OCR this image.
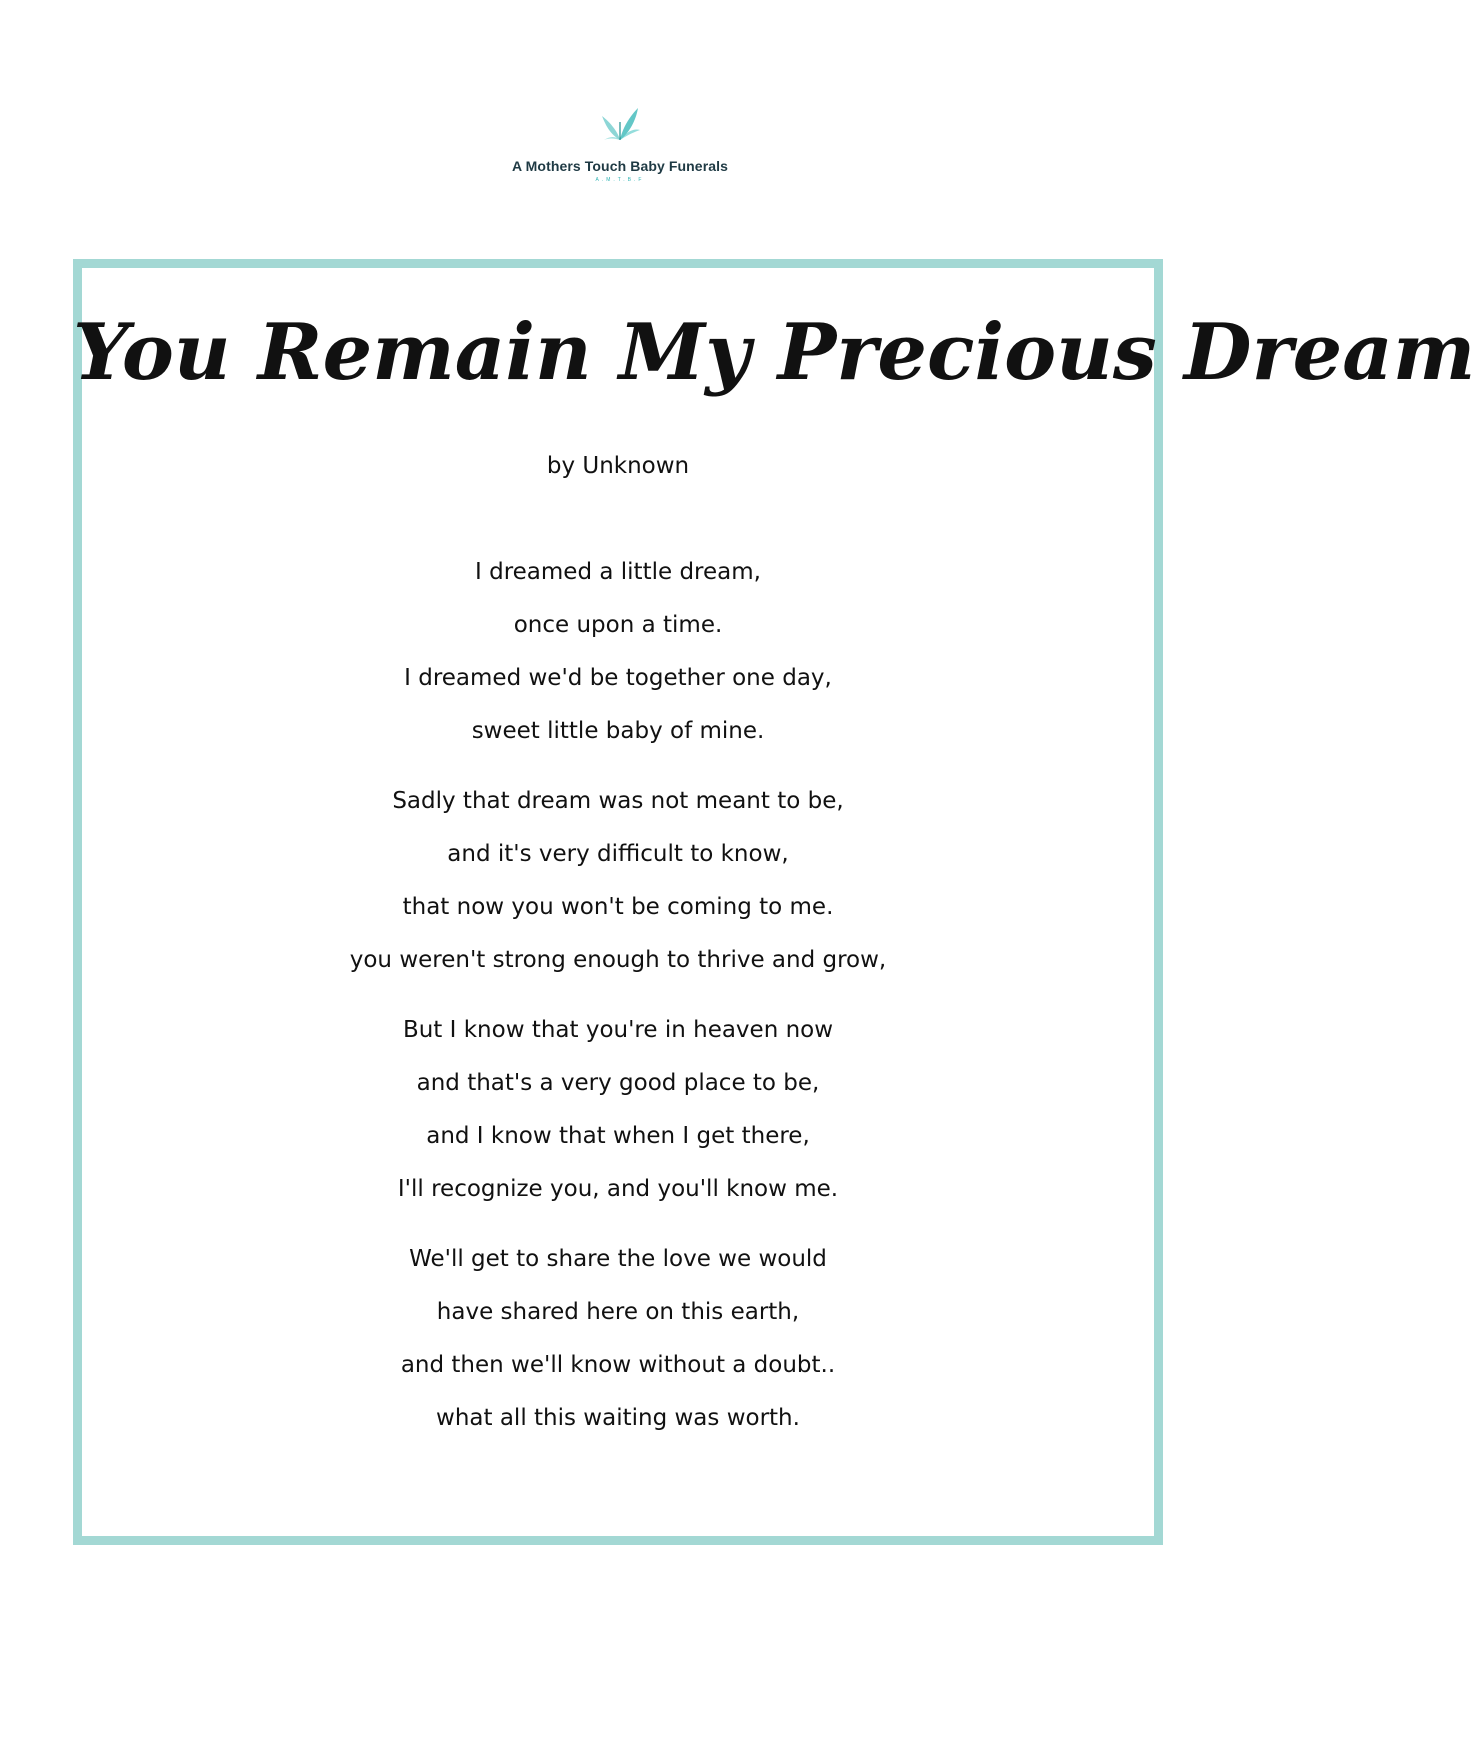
A Mothers Touch Baby Funerals
A.M.T.B.F
You Remain My Precious Dream

by Unknown

I dreamed a little dream,
once upon a time.
I dreamed we'd be together one day,
sweet little baby of mine.
Sadly that dream was not meant to be,
and it's very difficult to know,
that now you won't be coming to me.
you weren't strong enough to thrive and grow,
But I know that you're in heaven now
and that's a very good place to be,
and I know that when I get there,
I'll recognize you, and you'll know me.
We'll get to share the love we would
have shared here on this earth,
and then we'll know without a doubt..
what all this waiting was worth.
